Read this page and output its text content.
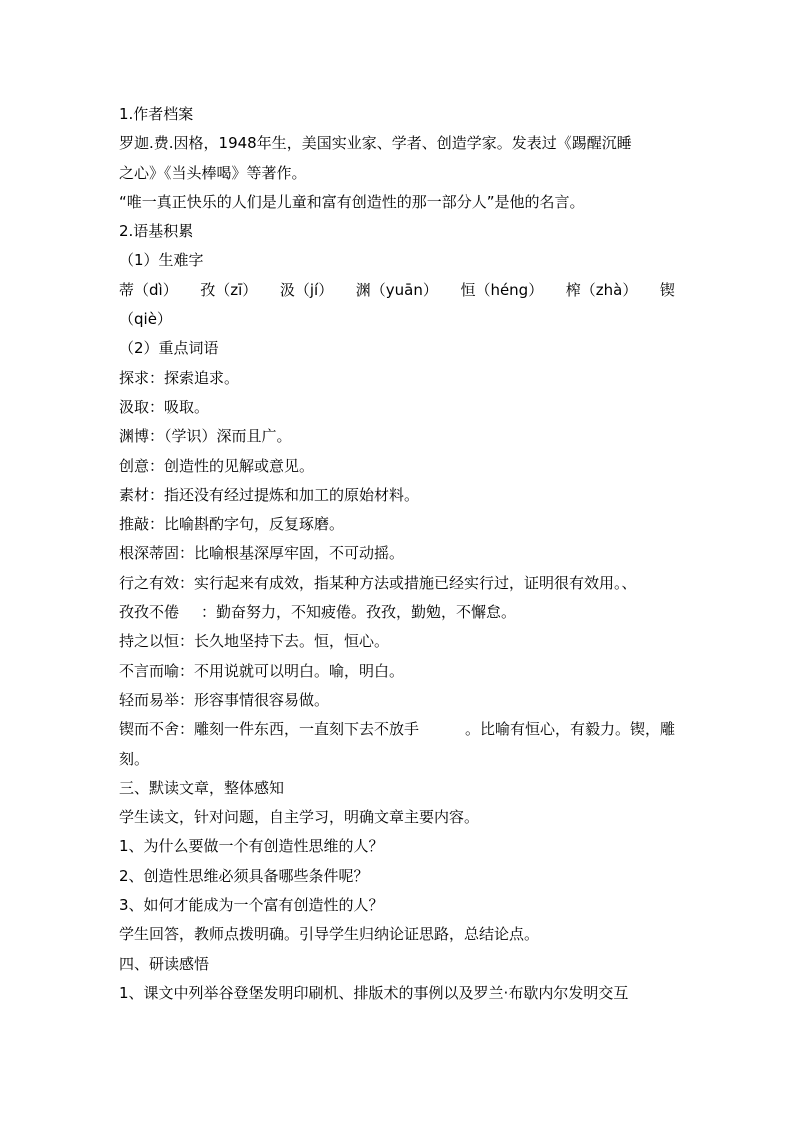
1.作者档案
罗迦.费.因格，1948年生，美国实业家、学者、创造学家。发表过《踢醒沉睡
之心》《当头棒喝》等著作。
“唯一真正快乐的人们是儿童和富有创造性的那一部分人”是他的名言。
2.语基积累
（1）生难字
蒂（dì） 孜（zī） 汲（jí） 渊（yuān） 恒（héng） 榨（zhà） 锲
（qiè）
（2）重点词语
探求：探索追求。
汲取：吸取。
渊博：（学识）深而且广。
创意：创造性的见解或意见。
素材：指还没有经过提炼和加工的原始材料。
推敲：比喻斟酌字句，反复琢磨。
根深蒂固：比喻根基深厚牢固，不可动摇。
行之有效：实行起来有成效，指某种方法或措施已经实行过，证明很有效用。、
孜孜不倦 ：勤奋努力，不知疲倦。孜孜，勤勉，不懈怠。
持之以恒：长久地坚持下去。恒，恒心。
不言而喻：不用说就可以明白。喻，明白。
轻而易举：形容事情很容易做。
锲而不舍：雕刻一件东西，一直刻下去不放手	。比喻有恒心，有毅力。锲，雕
刻。
三、默读文章，整体感知
学生读文，针对问题，自主学习，明确文章主要内容。
1、为什么要做一个有创造性思维的人？
2、创造性思维必须具备哪些条件呢？
3、如何才能成为一个富有创造性的人？
学生回答，教师点拨明确。引导学生归纳论证思路，总结论点。
四、研读感悟
1、课文中列举谷登堡发明印刷机、排版术的事例以及罗兰·布歇内尔发明交互
